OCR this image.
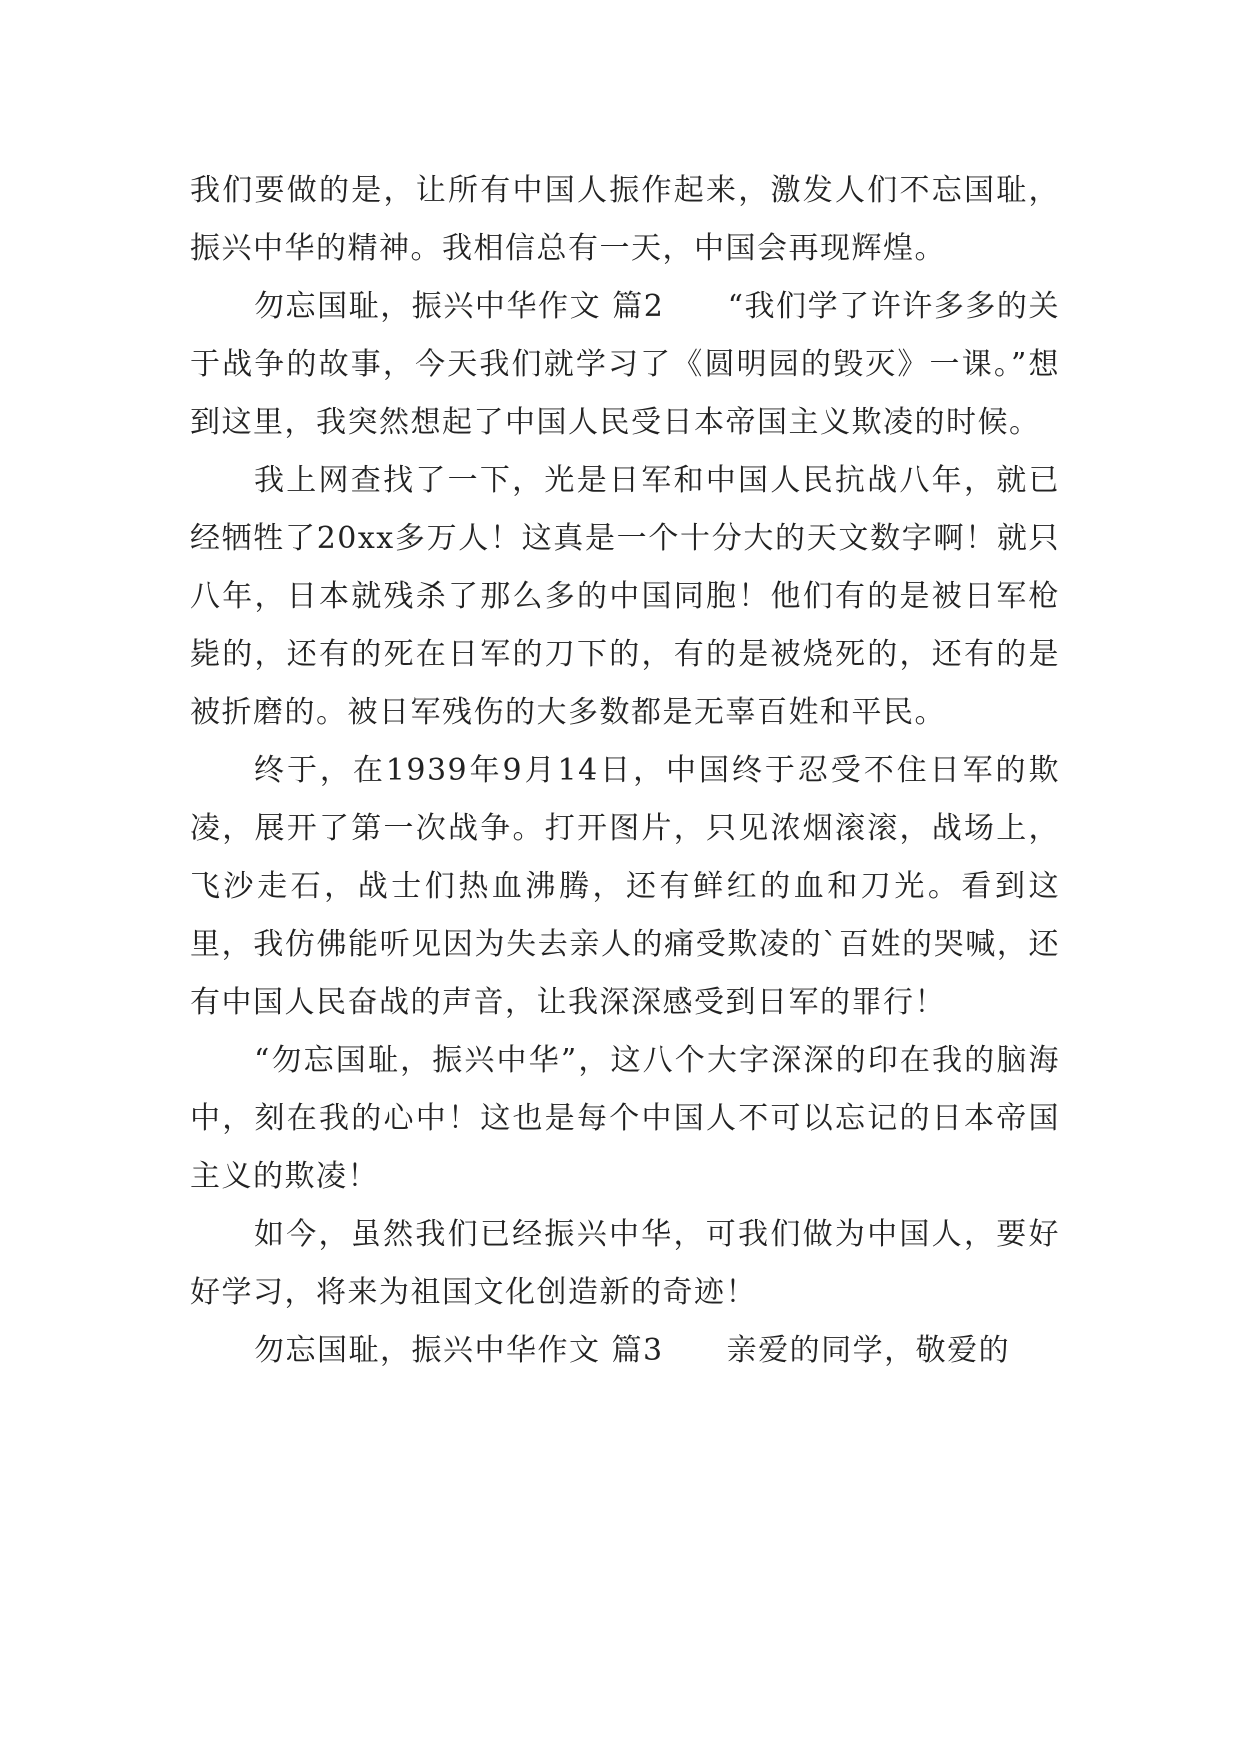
我们要做的是，让所有中国人振作起来，激发人们不忘国耻，振兴中华的精神。我相信总有一天，中国会再现辉煌。

勿忘国耻，振兴中华作文 篇2　　“我们学了许许多多的关于战争的故事，今天我们就学习了《圆明园的毁灭》一课。”想到这里，我突然想起了中国人民受日本帝国主义欺凌的时候。

我上网查找了一下，光是日军和中国人民抗战八年，就已经牺牲了20xx多万人！这真是一个十分大的天文数字啊！就只八年，日本就残杀了那么多的中国同胞！他们有的是被日军枪毙的，还有的死在日军的刀下的，有的是被烧死的，还有的是被折磨的。被日军残伤的大多数都是无辜百姓和平民。

终于，在1939年9月14日，中国终于忍受不住日军的欺凌，展开了第一次战争。打开图片，只见浓烟滚滚，战场上，飞沙走石，战士们热血沸腾，还有鲜红的血和刀光。看到这里，我仿佛能听见因为失去亲人的痛受欺凌的`百姓的哭喊，还有中国人民奋战的声音，让我深深感受到日军的罪行！

“勿忘国耻，振兴中华”，这八个大字深深的印在我的脑海中，刻在我的心中！这也是每个中国人不可以忘记的日本帝国主义的欺凌！

如今，虽然我们已经振兴中华，可我们做为中国人，要好好学习，将来为祖国文化创造新的奇迹！

勿忘国耻，振兴中华作文 篇3　　亲爱的同学，敬爱的
